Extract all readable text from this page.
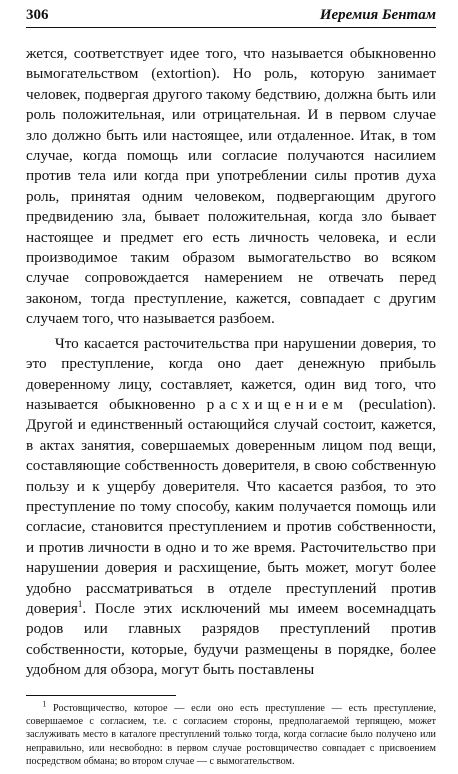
306	Иеремия Бентам

жется, соответствует идее того, что называется обыкновенно вымогательством (extortion). Но роль, которую занимает человек, подвергая другого такому бедствию, должна быть или роль положительная, или отрицательная. И в первом случае зло должно быть или настоящее, или отдаленное. Итак, в том случае, когда помощь или согласие получаются насилием против тела или когда при употреблении силы против духа роль, принятая одним человеком, подвергающим другого предвидению зла, бывает положительная, когда зло бывает настоящее и предмет его есть личность человека, и если производимое таким образом вымогательство во всяком случае сопровождается намерением не отвечать перед законом, тогда преступление, кажется, совпадает с другим случаем того, что называется разбоем.

Что касается расточительства при нарушении доверия, то это преступление, когда оно дает денежную прибыль доверенному лицу, составляет, кажется, один вид того, что называется обыкновенно расхищением (peculation). Другой и единственный остающийся случай состоит, кажется, в актах занятия, совершаемых доверенным лицом под вещи, составляющие собственность доверителя, в свою собственную пользу и к ущербу доверителя. Что касается разбоя, то это преступление по тому способу, каким получается помощь или согласие, становится преступлением и против собственности, и против личности в одно и то же время. Расточительство при нарушении доверия и расхищение, быть может, могут более удобно рассматриваться в отделе преступлений против доверия$^1$. После этих исключений мы имеем восемнадцать родов или главных разрядов преступлений против собственности, которые, будучи размещены в порядке, более удобном для обзора, могут быть поставлены

$^1$ Ростовщичество, которое — если оно есть преступление — есть преступление, совершаемое с согласием, т.е. с согласием стороны, предполагаемой терпящею, может заслуживать место в каталоге преступлений только тогда, когда согласие было получено или неправильно, или несвободно: в первом случае ростовщичество совпадает с присвоением посредством обмана; во втором случае — с вымогательством.
